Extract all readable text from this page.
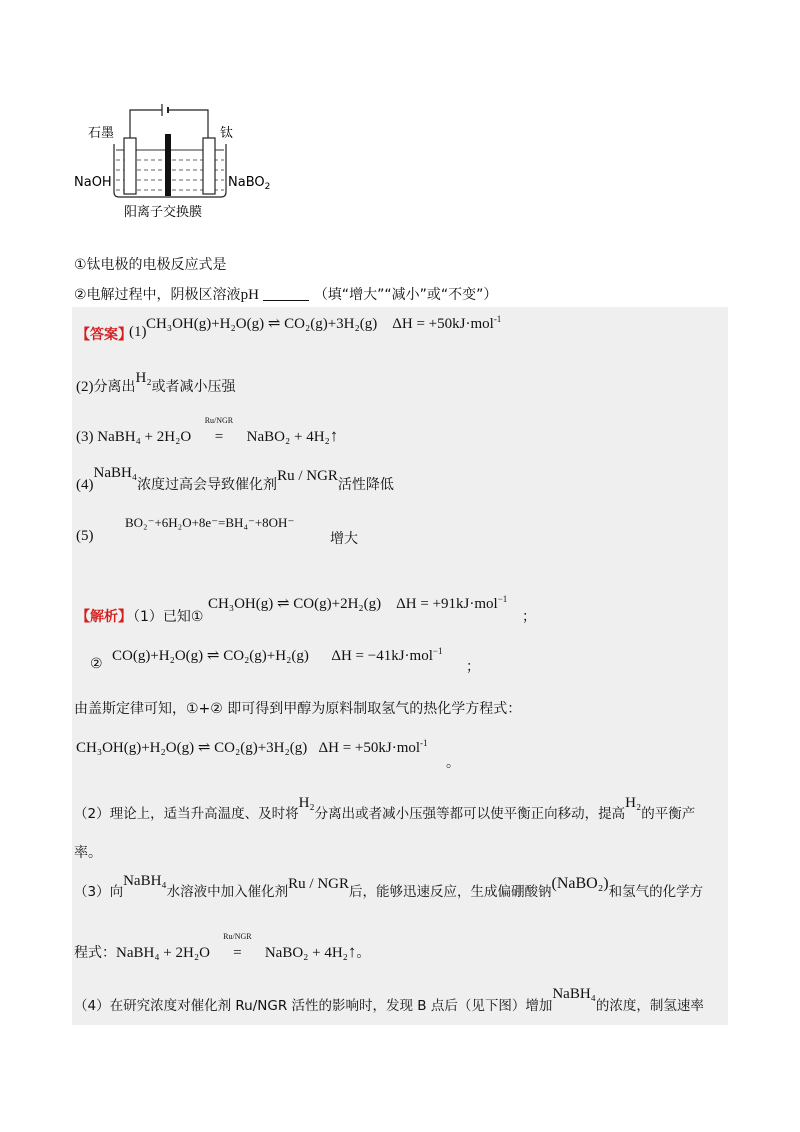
石墨	钛
NaOH	NaBO$_2$
阳离子交换膜
①钛电极的电极反应式是
②电解过程中，阴极区溶液pH	（填“增大”“减小”或“不变”）
【答案】
(1) CH₃OH(g)+H₂O(g) ⇌ CO₂(g)+3H₂(g) ΔH = +50kJ·mol$^{-1}$
(2)分离出H₂或者减小压强
(3) NaBH₄ + 2H₂O
Ru/NGR
= NaBO₂ + 4H₂↑
(4)NaBH₄浓度过高会导致催化剂Ru / NGR活性降低
(5)
BO₂⁻+6H₂O+8e⁻=BH₄⁻+8OH⁻
增大
【解析】
（1）已知①
CH₃OH(g) ⇌ CO(g)+2H₂(g) ΔH = +91kJ·mol$^{-1}$
；
② CO(g)+H₂O(g) ⇌ CO₂(g)+H₂(g) ΔH = −41kJ·mol$^{-1}$
；
由盖斯定律可知，①+② 即可得到甲醇为原料制取氢气的热化学方程式：
CH₃OH(g)+H₂O(g) ⇌ CO₂(g)+3H₂(g) ΔH = +50kJ·mol$^{-1}$
。
（2）理论上，适当升高温度、及时将H₂分离出或者减小压强等都可以使平衡正向移动，提高H₂的平衡产
率。
（3）向NaBH₄水溶液中加入催化剂Ru / NGR后，能够迅速反应，生成偏硼酸钠(NaBO₂)和氢气的化学方
程式：NaBH₄ + 2H₂O
Ru/NGR
= NaBO₂ + 4H₂↑。
（4）在研究浓度对催化剂 Ru/NGR 活性的影响时，发现 B 点后（见下图）增加NaBH₄的浓度，制氢速率
